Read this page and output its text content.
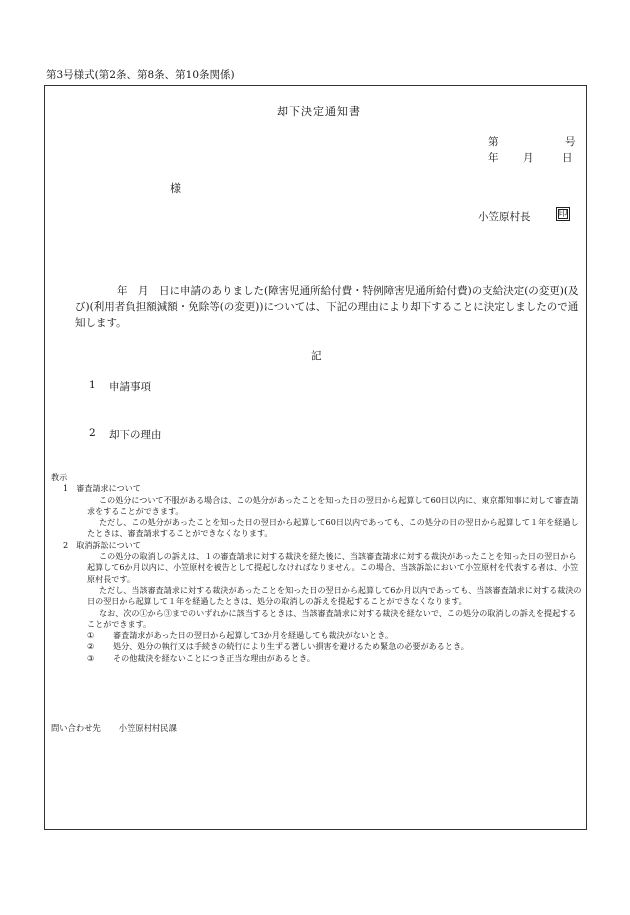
第3号様式(第2条、第8条、第10条関係)
却下決定通知書
第	号
年 月	日
様
小笠原村長	印
　　　　年　月　日に申請のありました(障害児通所給付費・特例障害児通所給付費)の支給決定(の変更)(及び)(利用者負担額減額・免除等(の変更))については、下記の理由により却下することに決定しましたので通知します。
記
1 申請事項
2 却下の理由

教示

1　審査請求について

この処分について不服がある場合は、この処分があったことを知った日の翌日から起算して60日以内に、東京都知事に対して審査請求をすることができます。

ただし、この処分があったことを知った日の翌日から起算して60日以内であっても、この処分の日の翌日から起算して１年を経過したときは、審査請求することができなくなります。

2　取消訴訟について

この処分の取消しの訴えは、１の審査請求に対する裁決を経た後に、当該審査請求に対する裁決があったことを知った日の翌日から起算して6か月以内に、小笠原村を被告として提起しなければなりません。この場合、当該訴訟において小笠原村を代表する者は、小笠原村長です。

ただし、当該審査請求に対する裁決があったことを知った日の翌日から起算して6か月以内であっても、当該審査請求に対する裁決の日の翌日から起算して１年を経過したときは、処分の取消しの訴えを提起することができなくなります。

なお、次の①から③までのいずれかに該当するときは、当該審査請求に対する裁決を経ないで、この処分の取消しの訴えを提起することができます。

① 審査請求があった日の翌日から起算して3か月を経過しても裁決がないとき。

② 処分、処分の執行又は手続きの続行により生ずる著しい損害を避けるため緊急の必要があるとき。

③ その他裁決を経ないことにつき正当な理由があるとき。

問い合わせ先 小笠原村村民課
